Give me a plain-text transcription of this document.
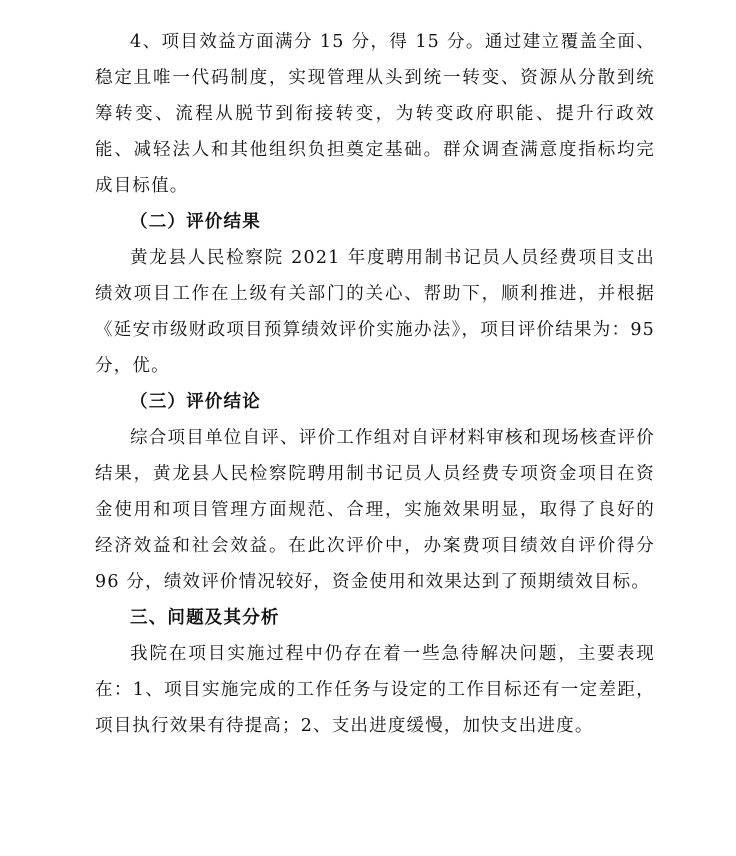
4、项目效益方面满分 15 分，得 15 分。通过建立覆盖全面、稳定且唯一代码制度，实现管理从头到统一转变、资源从分散到统筹转变、流程从脱节到衔接转变，为转变政府职能、提升行政效能、减轻法人和其他组织负担奠定基础。群众调查满意度指标均完成目标值。

（二）评价结果

黄龙县人民检察院 2021 年度聘用制书记员人员经费项目支出绩效项目工作在上级有关部门的关心、帮助下，顺利推进，并根据《延安市级财政项目预算绩效评价实施办法》，项目评价结果为：95 分，优。

（三）评价结论

综合项目单位自评、评价工作组对自评材料审核和现场核查评价结果，黄龙县人民检察院聘用制书记员人员经费专项资金项目在资金使用和项目管理方面规范、合理，实施效果明显，取得了良好的经济效益和社会效益。在此次评价中，办案费项目绩效自评价得分 96 分，绩效评价情况较好，资金使用和效果达到了预期绩效目标。

三、问题及其分析

我院在项目实施过程中仍存在着一些急待解决问题，主要表现在：1、项目实施完成的工作任务与设定的工作目标还有一定差距，项目执行效果有待提高；2、支出进度缓慢，加快支出进度。
